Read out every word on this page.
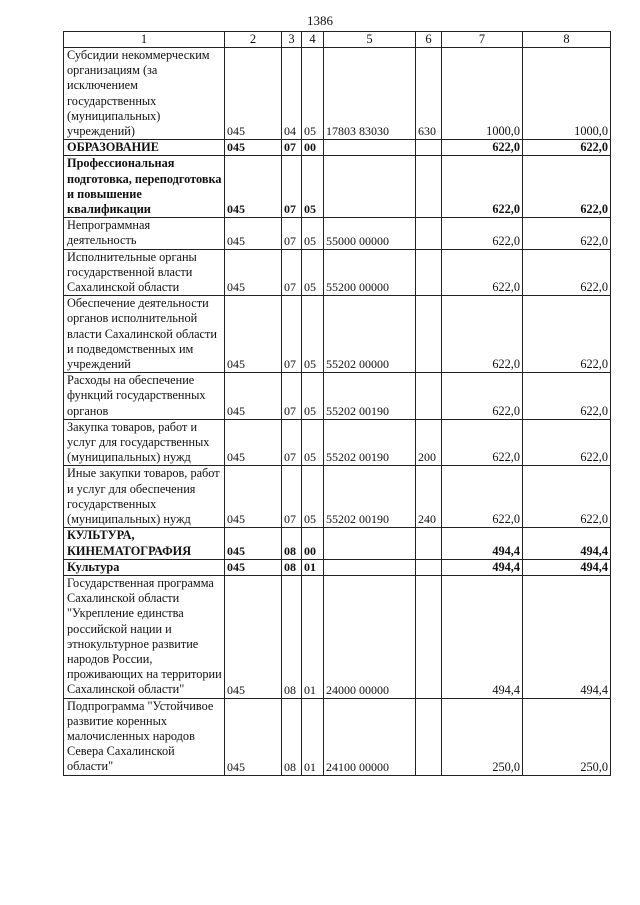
1386
1	2	3	4	5	6	7	8
Субсидии некоммерческим организациям (за исключением государственных (муниципальных) учреждений)	045	04	05	17803 83030	630	1000,0	1000,0
ОБРАЗОВАНИЕ	045	07	00			622,0	622,0
Профессиональная подготовка, переподготовка и повышение квалификации	045	07	05			622,0	622,0
Непрограммная деятельность	045	07	05	55000 00000		622,0	622,0
Исполнительные органы государственной власти Сахалинской области	045	07	05	55200 00000		622,0	622,0
Обеспечение деятельности органов исполнительной власти Сахалинской области и подведомственных им учреждений	045	07	05	55202 00000		622,0	622,0
Расходы на обеспечение функций государственных органов	045	07	05	55202 00190		622,0	622,0
Закупка товаров, работ и услуг для государственных (муниципальных) нужд	045	07	05	55202 00190	200	622,0	622,0
Иные закупки товаров, работ и услуг для обеспечения государственных (муниципальных) нужд	045	07	05	55202 00190	240	622,0	622,0
КУЛЬТУРА, КИНЕМАТОГРАФИЯ	045	08	00			494,4	494,4
Культура	045	08	01			494,4	494,4
Государственная программа Сахалинской области "Укрепление единства российской нации и этнокультурное развитие народов России, проживающих на территории Сахалинской области"	045	08	01	24000 00000		494,4	494,4
Подпрограмма "Устойчивое развитие коренных малочисленных народов Севера Сахалинской области"	045	08	01	24100 00000		250,0	250,0
